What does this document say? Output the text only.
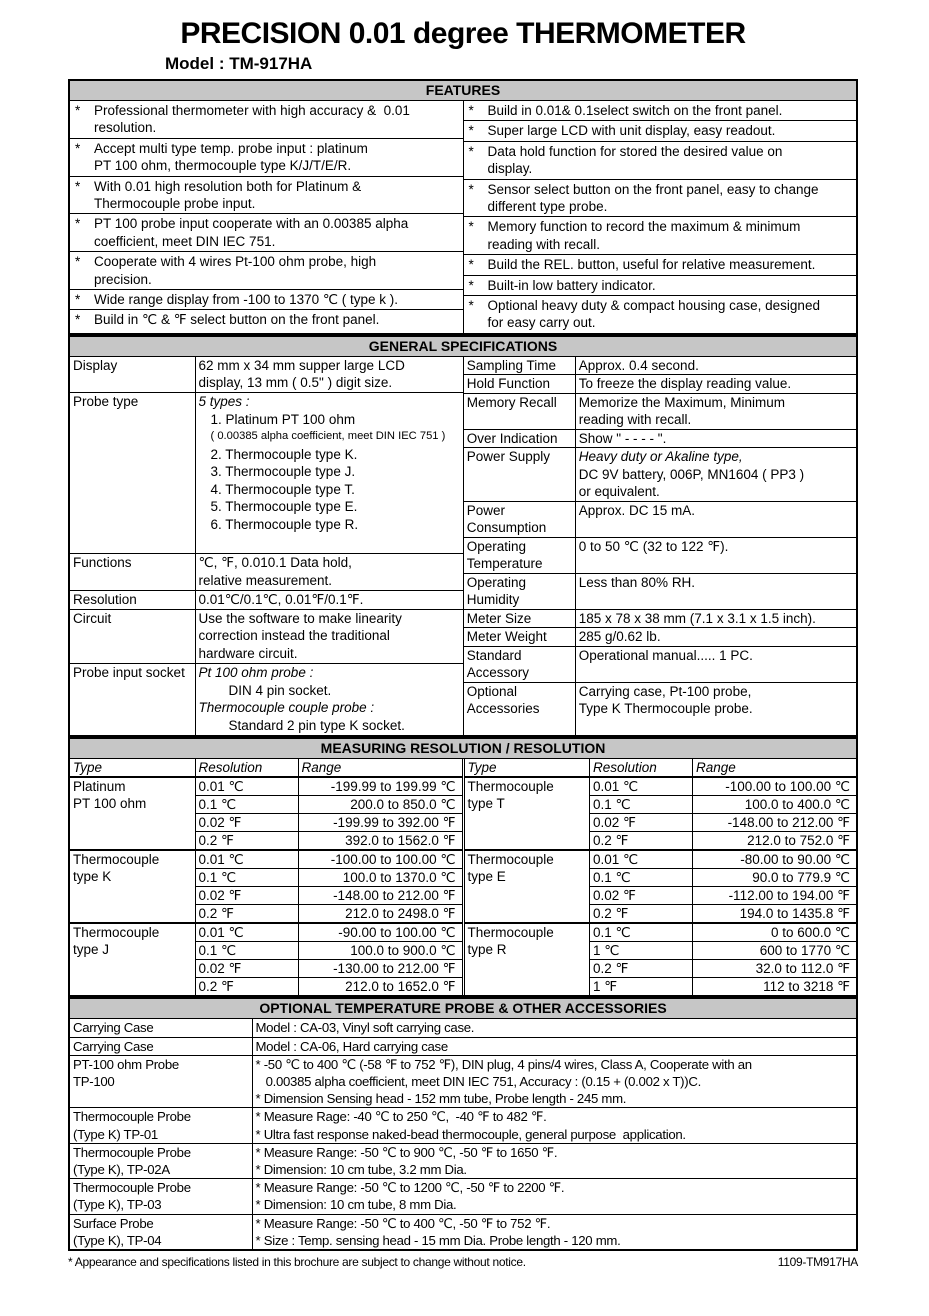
PRECISION 0.01 degree THERMOMETER
Model : TM-917HA
FEATURES
*	Professional thermometer with high accuracy &  0.01
resolution.
*	Accept multi type temp. probe input : platinum
PT 100 ohm, thermocouple type K/J/T/E/R.
*	With 0.01 high resolution both for Platinum &
Thermocouple probe input.
*	PT 100 probe input cooperate with an 0.00385 alpha
coefficient, meet DIN IEC 751.
*	Cooperate with 4 wires Pt-100 ohm probe, high
precision.
*	Wide range display from -100 to 1370 ℃ ( type k ).
*	Build in ℃ & ℉ select button on the front panel.
*	Build in 0.01& 0.1select switch on the front panel.
*	Super large LCD with unit display, easy readout.
*	Data hold function for stored the desired value on
display.
*	Sensor select button on the front panel, easy to change
different type probe.
*	Memory function to record the maximum & minimum
reading with recall.
*	Build the REL. button, useful for relative measurement.
*	Built-in low battery indicator.
*	Optional heavy duty & compact housing case, designed
for easy carry out.
GENERAL SPECIFICATIONS
Display	62 mm x 34 mm supper large LCD
display, 13 mm ( 0.5" ) digit size.

Probe type	5 types :
1. Platinum PT 100 ohm
( 0.00385 alpha coefficient, meet DIN IEC 751 )
2. Thermocouple type K.
3. Thermocouple type J.
4. Thermocouple type T.
5. Thermocouple type E.
6. Thermocouple type R.

Functions	℃, ℉, 0.010.1 Data hold,
relative measurement.

Resolution	0.01℃/0.1℃, 0.01℉/0.1℉.

Circuit	Use the software to make linearity
correction instead the traditional
hardware circuit.

Probe input socket	Pt 100 ohm probe :
DIN 4 pin socket.
Thermocouple couple probe :
Standard 2 pin type K socket.
Sampling Time	Approx. 0.4 second.

Hold Function	To freeze the display reading value.

Memory Recall	Memorize the Maximum, Minimum
reading with recall.

Over Indication	Show " - - - - ".

Power Supply	Heavy duty or Akaline type,
DC 9V battery, 006P, MN1604 ( PP3 )
or equivalent.

Power Consumption	Approx. DC 15 mA.

Operating Temperature	0 to 50 ℃ (32 to 122 ℉).

Operating Humidity	Less than 80% RH.

Meter Size	185 x 78 x 38 mm (7.1 x 3.1 x 1.5 inch).

Meter Weight	285 g/0.62 lb.

Standard Accessory	Operational manual..... 1 PC.

Optional Accessories	Carrying case, Pt-100 probe,
Type K Thermocouple probe.
MEASURING RESOLUTION / RESOLUTION
Type	Resolution	Range

Platinum
PT 100 ohm	0.01 ℃	-199.99 to 199.99 ℃
	0.1 ℃	200.0 to 850.0 ℃
	0.02 ℉	-199.99 to 392.00 ℉
	0.2 ℉	392.0 to 1562.0 ℉

Thermocouple
type K	0.01 ℃	-100.00 to 100.00 ℃
	0.1 ℃	100.0 to 1370.0 ℃
	0.02 ℉	-148.00 to 212.00 ℉
	0.2 ℉	212.0 to 2498.0 ℉

Thermocouple
type J	0.01 ℃	-90.00 to 100.00 ℃
	0.1 ℃	100.0 to 900.0 ℃
	0.02 ℉	-130.00 to 212.00 ℉
	0.2 ℉	212.0 to 1652.0 ℉
Type	Resolution	Range

Thermocouple
type T	0.01 ℃	-100.00 to 100.00 ℃
	0.1 ℃	100.0 to 400.0 ℃
	0.02 ℉	-148.00 to 212.00 ℉
	0.2 ℉	212.0 to 752.0 ℉

Thermocouple
type E	0.01 ℃	-80.00 to 90.00 ℃
	0.1 ℃	90.0 to 779.9 ℃
	0.02 ℉	-112.00 to 194.00 ℉
	0.2 ℉	194.0 to 1435.8 ℉

Thermocouple
type R	0.1 ℃	0 to 600.0 ℃
	1 ℃	600 to 1770 ℃
	0.2 ℉	32.0 to 112.0 ℉
	1 ℉	112 to 3218 ℉
OPTIONAL TEMPERATURE PROBE & OTHER ACCESSORIES
Carrying Case	Model : CA-03, Vinyl soft carrying case.

Carrying Case	Model : CA-06, Hard carrying case

PT-100 ohm Probe
TP-100

* -50 ℃ to 400 ℃ (-58 ℉ to 752 ℉), DIN plug, 4 pins/4 wires, Class A, Cooperate with an
0.00385 alpha coefficient, meet DIN IEC 751, Accuracy : (0.15 + (0.002 x T))C.
* Dimension Sensing head - 152 mm tube, Probe length - 245 mm.

Thermocouple Probe
(Type K) TP-01

* Measure Rage: -40 ℃ to 250 ℃,  -40 ℉ to 482 ℉.
* Ultra fast response naked-bead thermocouple, general purpose  application.

Thermocouple Probe
(Type K), TP-02A

* Measure Range: -50 ℃ to 900 ℃, -50 ℉ to 1650 ℉.
* Dimension: 10 cm tube, 3.2 mm Dia.

Thermocouple Probe
(Type K), TP-03

* Measure Range: -50 ℃ to 1200 ℃, -50 ℉ to 2200 ℉.
* Dimension: 10 cm tube, 8 mm Dia.

Surface Probe
(Type K), TP-04

* Measure Range: -50 ℃ to 400 ℃, -50 ℉ to 752 ℉.
* Size : Temp. sensing head - 15 mm Dia. Probe length - 120 mm.
* Appearance and specifications listed in this brochure are subject to change without notice.	1109-TM917HA
